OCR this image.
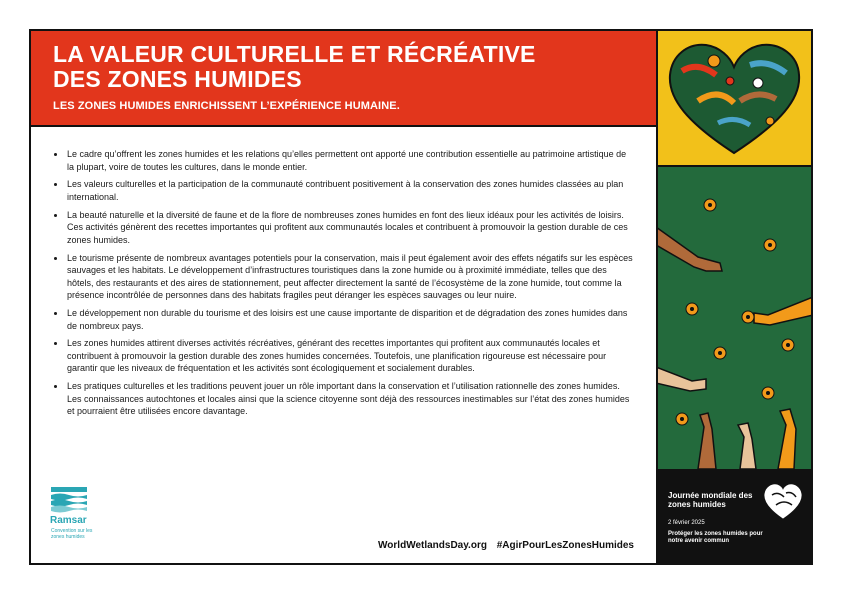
LA VALEUR CULTURELLE ET RÉCRÉATIVE
DES ZONES HUMIDES
LES ZONES HUMIDES ENRICHISSENT L’EXPÉRIENCE HUMAINE.
Le cadre qu’offrent les zones humides et les relations qu’elles permettent ont apporté une contribution essentielle au patrimoine artistique de la plupart, voire de toutes les cultures, dans le monde entier.
Les valeurs culturelles et la participation de la communauté contribuent positivement à la conservation des zones humides classées au plan international.
La beauté naturelle et la diversité de faune et de la flore de nombreuses zones humides en font des lieux idéaux pour les activités de loisirs. Ces activités génèrent des recettes importantes qui profitent aux communautés locales et contribuent à promouvoir la gestion durable de ces zones humides.
Le tourisme présente de nombreux avantages potentiels pour la conservation, mais il peut également avoir des effets négatifs sur les espèces sauvages et les habitats. Le développement d’infrastructures touristiques dans la zone humide ou à proximité immédiate, telles que des hôtels, des restaurants et des aires de stationnement, peut affecter directement la santé de l’écosystème de la zone humide, tout comme la présence incontrôlée de personnes dans des habitats fragiles peut déranger les espèces sauvages ou leur nuire.
Le développement non durable du tourisme et des loisirs est une cause importante de disparition et de dégradation des zones humides dans de nombreux pays.
Les zones humides attirent diverses activités récréatives, générant des recettes importantes qui profitent aux communautés locales et contribuent à promouvoir la gestion durable des zones humides concernées. Toutefois, une planification rigoureuse est nécessaire pour garantir que les niveaux de fréquentation et les activités sont écologiquement et socialement durables.
Les pratiques culturelles et les traditions peuvent jouer un rôle important dans la conservation et l’utilisation rationnelle des zones humides. Les connaissances autochtones et locales ainsi que la science citoyenne sont déjà des ressources inestimables sur l’état des zones humides et pourraient être utilisées encore davantage.
Ramsar
Convention sur les zones humides
WorldWetlandsDay.org #AgirPourLesZonesHumides
Journée mondiale des zones humides
2 février 2025
Protéger les zones humides pour notre avenir commun
